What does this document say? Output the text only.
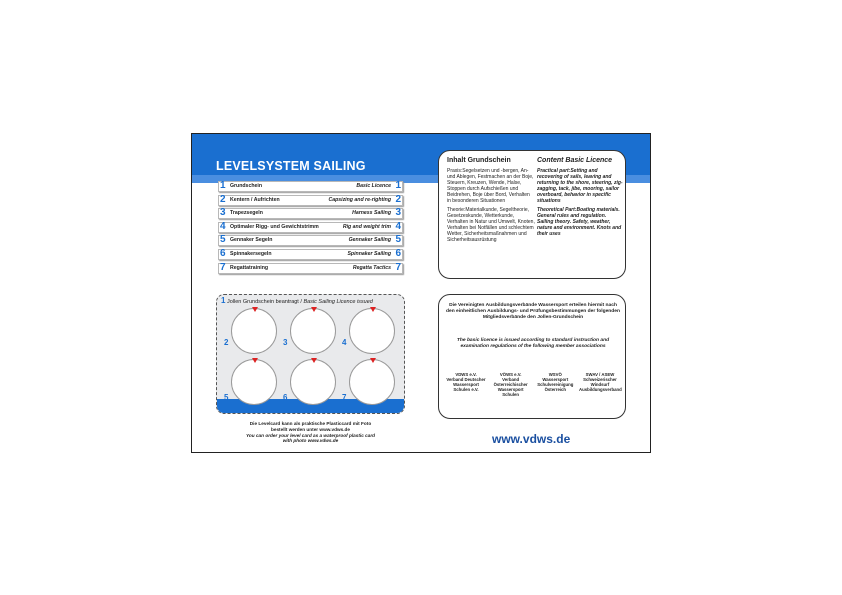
LEVELSYSTEM SAILING
1 Grundschein	Basic Licence 1
2 Kentern / Aufrichten	Capsizing and re-righting 2
3 Trapezsegeln	Harness Sailing 3
4 Optimaler Rigg- und Gewichtstrimm	Rig and weight trim 4
5 Gennaker Segeln	Gennaker Sailing 5
6 Spinnakersegeln	Spinnaker Sailing 6
7 Regattatraining	Regatta Tactics 7
Inhalt Grundschein

Praxis:Segelsetzen und -bergen, An- und Ablegen, Festmachen an der Boje, Steuern, Kreuzen, Wende, Halse, Stoppen durch Aufschießen und Beidrehen, Boje über Bord, Verhalten in besonderen Situationen

Theorie:Materialkunde, Segeltheorie, Gesetzeskunde, Wetterkunde, Verhalten in Natur und Umwelt, Knoten, Verhalten bei Notfällen und schlechtem Wetter, Sicherheitsmaßnahmen und Sicherheitsausrüstung

Content Basic Licence

Practical part:Setting and recovering of sails, leaving and returning to the shore, steering, zig-zagging, tack, jibe, mooring, sailor overboard, behavior in specific situations

Theoretical Part:Boating materials. General rules and regulation. Sailing theory. Safety, weather, nature and environment. Knots and their uses

1 Jollen Grundschein beantragt / Basic Sailing Licence issued
2	3	4
5	6	7
Die Levelcard kann als praktische Plasticcard mit Foto
bestellt werden unter www.vdws.de
You can order your level card as a waterproof plastic card
with photo www.vdws.de
Die Vereinigten Ausbildungsverbände Wassersport erteilen hiermit nach den einheitlichen Ausbildungs- und Prüfungsbestimmungen der folgenden Mitgliedsverbände den Jollen-Grundschein
The basic licence is issued according to standard instruction and examination regulations of the following member associations
VDWS e.V.
Verband Deutscher Wassersport Schulen e.V.
VÖWS e.V.
Verband Österreichischer Wassersport Schulen
WSVÖ
Wassersport Schulvereinigung Österreich
SWAV / ASEW
Schweizerischer Windsurf Ausbildungsverband
www.vdws.de
